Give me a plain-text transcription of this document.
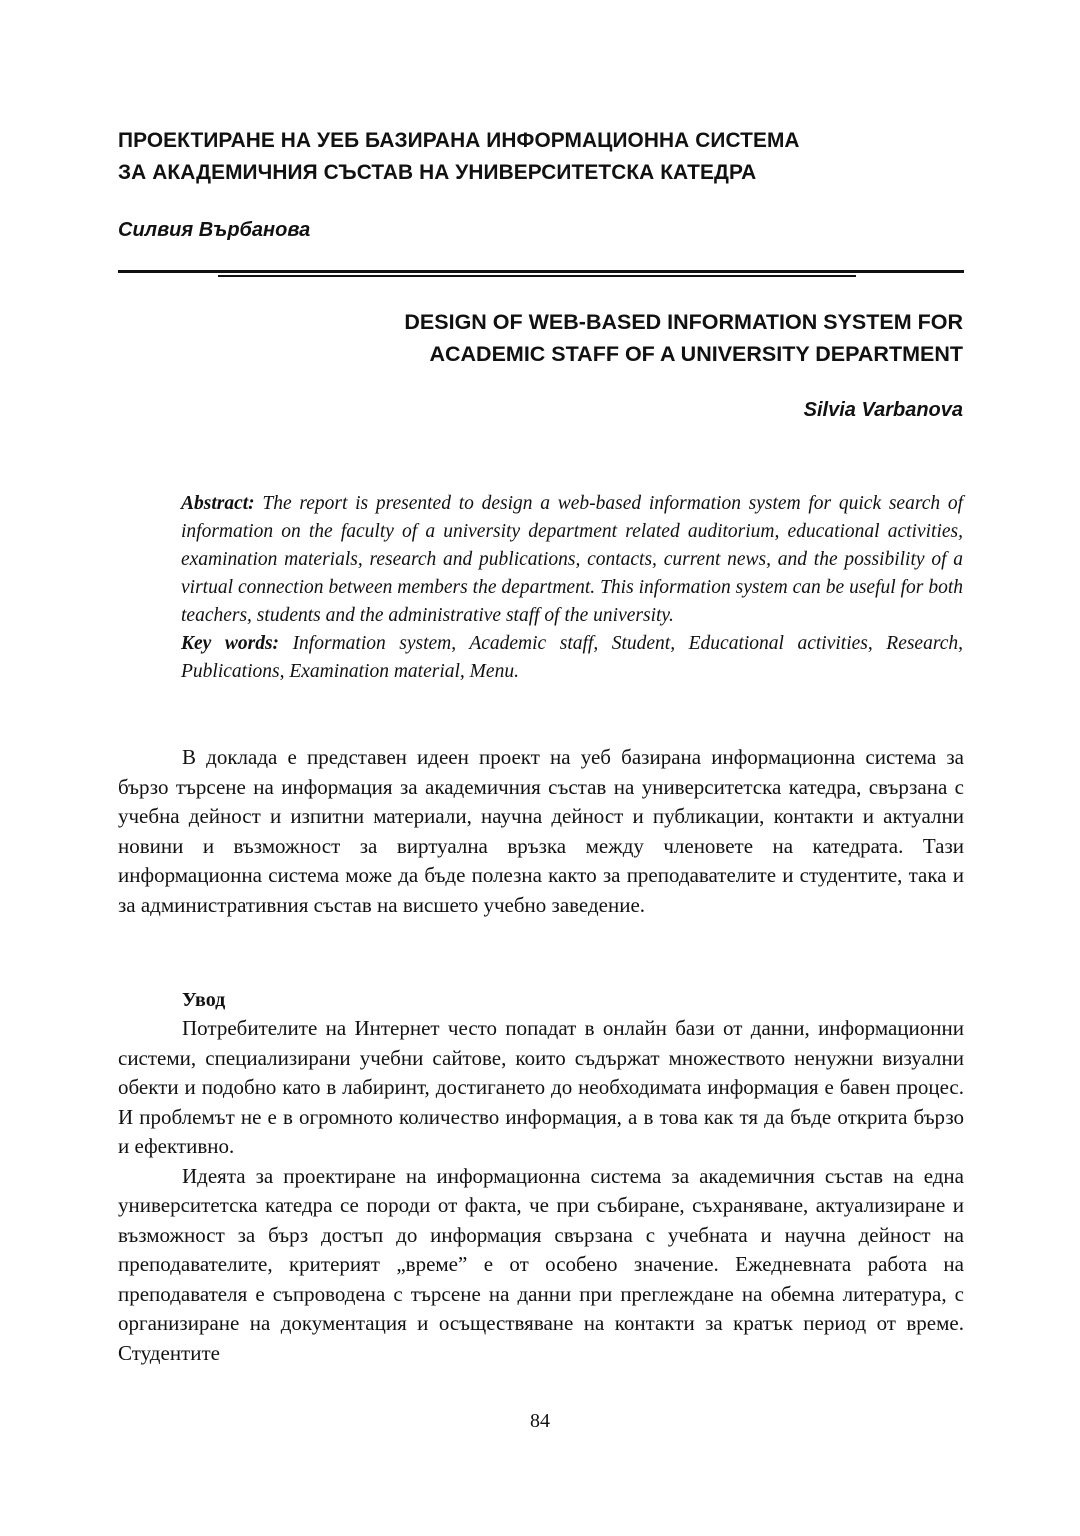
ПРОЕКТИРАНЕ НА УЕБ БАЗИРАНА ИНФОРМАЦИОННА СИСТЕМА
ЗА АКАДЕМИЧНИЯ СЪСТАВ НА УНИВЕРСИТЕТСКА КАТЕДРА
Силвия Върбанова
DESIGN OF WEB-BASED INFORMATION SYSTEM FOR
ACADEMIC STAFF OF A UNIVERSITY DEPARTMENT
Silvia Varbanova

Abstract: The report is presented to design a web-based information system for quick search of information on the faculty of a university department related auditorium, educational activities, examination materials, research and publications, contacts, current news, and the possibility of a virtual connection between members the department. This information system can be useful for both teachers, students and the administrative staff of the university.

Key words: Information system, Academic staff, Student, Educational activities, Research, Publications, Examination material, Menu.

В доклада е представен идеен проект на уеб базирана информационна система за бързо търсене на информация за академичния състав на университетска катедра, свързана с учебна дейност и изпитни материали, научна дейност и публикации, контакти и актуални новини и възможност за виртуална връзка между членовете на катедрата. Тази информационна система може да бъде полезна както за преподавателите и студентите, така и за административния състав на висшето учебно заведение.

Увод

Потребителите на Интернет често попадат в онлайн бази от данни, информационни системи, специализирани учебни сайтове, които съдържат множеството ненужни визуални обекти и подобно като в лабиринт, достигането до необходимата информация е бавен процес. И проблемът не е в огромното количество информация, а в това как тя да бъде открита бързо и ефективно.

Идеята за проектиране на информационна система за академичния състав на една университетска катедра се породи от факта, че при събиране, съхраняване, актуализиране и възможност за бърз достъп до информация свързана с учебната и научна дейност на преподавателите, критерият „време” е от особено значение. Ежедневната работа на преподавателя е съпроводена с търсене на данни при преглеждане на обемна литература, с организиране на документация и осъществяване на контакти за кратък период от време. Студентите

84
